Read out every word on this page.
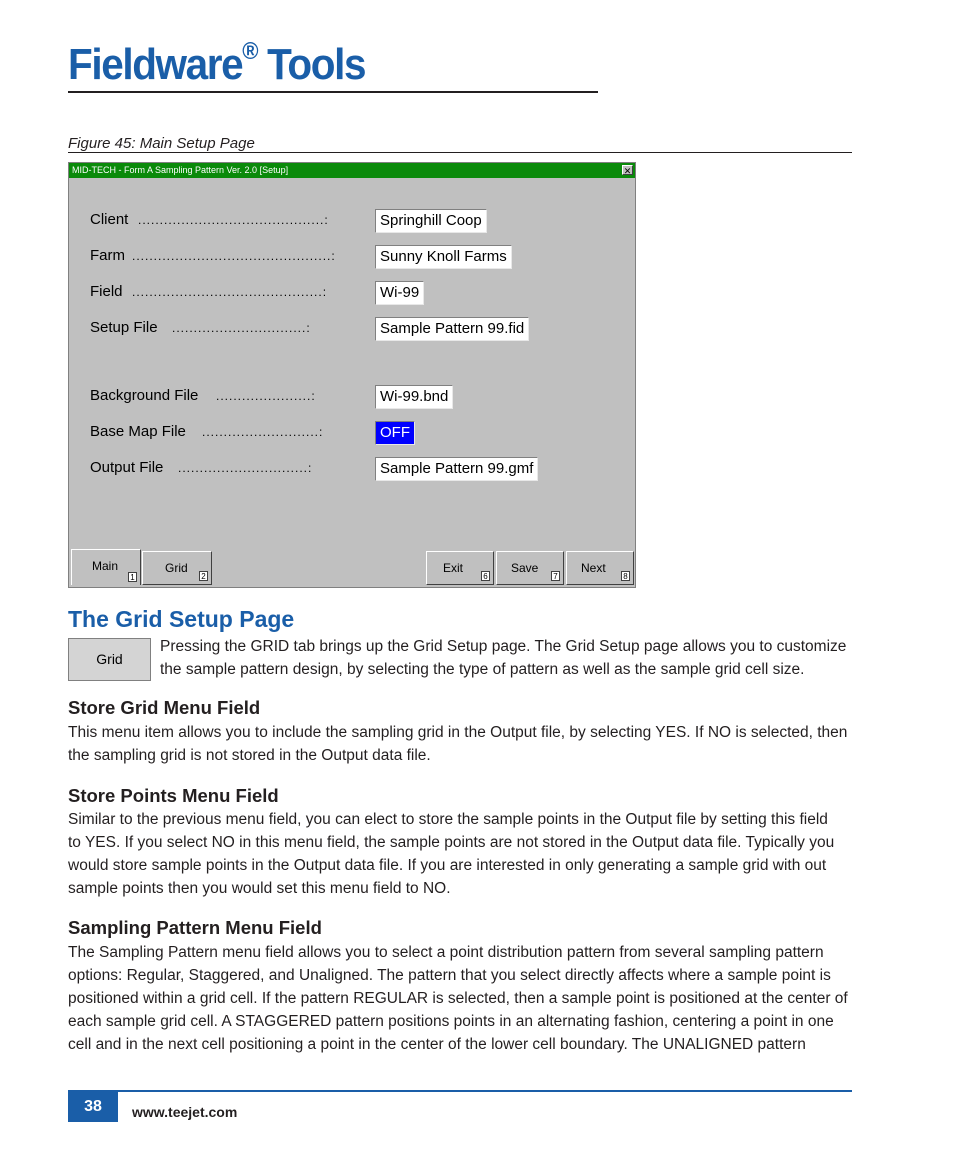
Fieldware® Tools
Figure 45: Main Setup Page
MID-TECH - Form A Sampling Pattern Ver. 2.0 [Setup]	✕
Client ...........................................:	Springhill Coop
Farm ..............................................:	Sunny Knoll Farms
Field ............................................:	Wi-99
Setup File ...............................:	Sample Pattern 99.fid
Background File ......................:	Wi-99.bnd
Base Map File ...........................:	OFF
Output File ..............................:	Sample Pattern 99.gmf
Main
1
Grid
2
Exit
6
Save
7
Next
8
The Grid Setup Page
Grid

Pressing the GRID tab brings up the Grid Setup page. The Grid Setup page allows you to customize
the sample pattern design, by selecting the type of pattern as well as the sample grid cell size.

Store Grid Menu Field

This menu item allows you to include the sampling grid in the Output file, by selecting YES. If NO is selected, then the sampling grid is not stored in the Output data file.

Store Points Menu Field

Similar to the previous menu field, you can elect to store the sample points in the Output file by setting this field to YES. If you select NO in this menu field, the sample points are not stored in the Output data file. Typically you would store sample points in the Output data file. If you are interested in only generating a sample grid with out sample points then you would set this menu field to NO.

Sampling Pattern Menu Field

The Sampling Pattern menu field allows you to select a point distribution pattern from several sampling pattern options: Regular, Staggered, and Unaligned. The pattern that you select directly affects where a sample point is positioned within a grid cell. If the pattern REGULAR is selected, then a sample point is positioned at the center of each sample grid cell. A STAGGERED pattern positions points in an alternating fashion, centering a point in one cell and in the next cell positioning a point in the center of the lower cell boundary. The UNALIGNED pattern

38	www.teejet.com
